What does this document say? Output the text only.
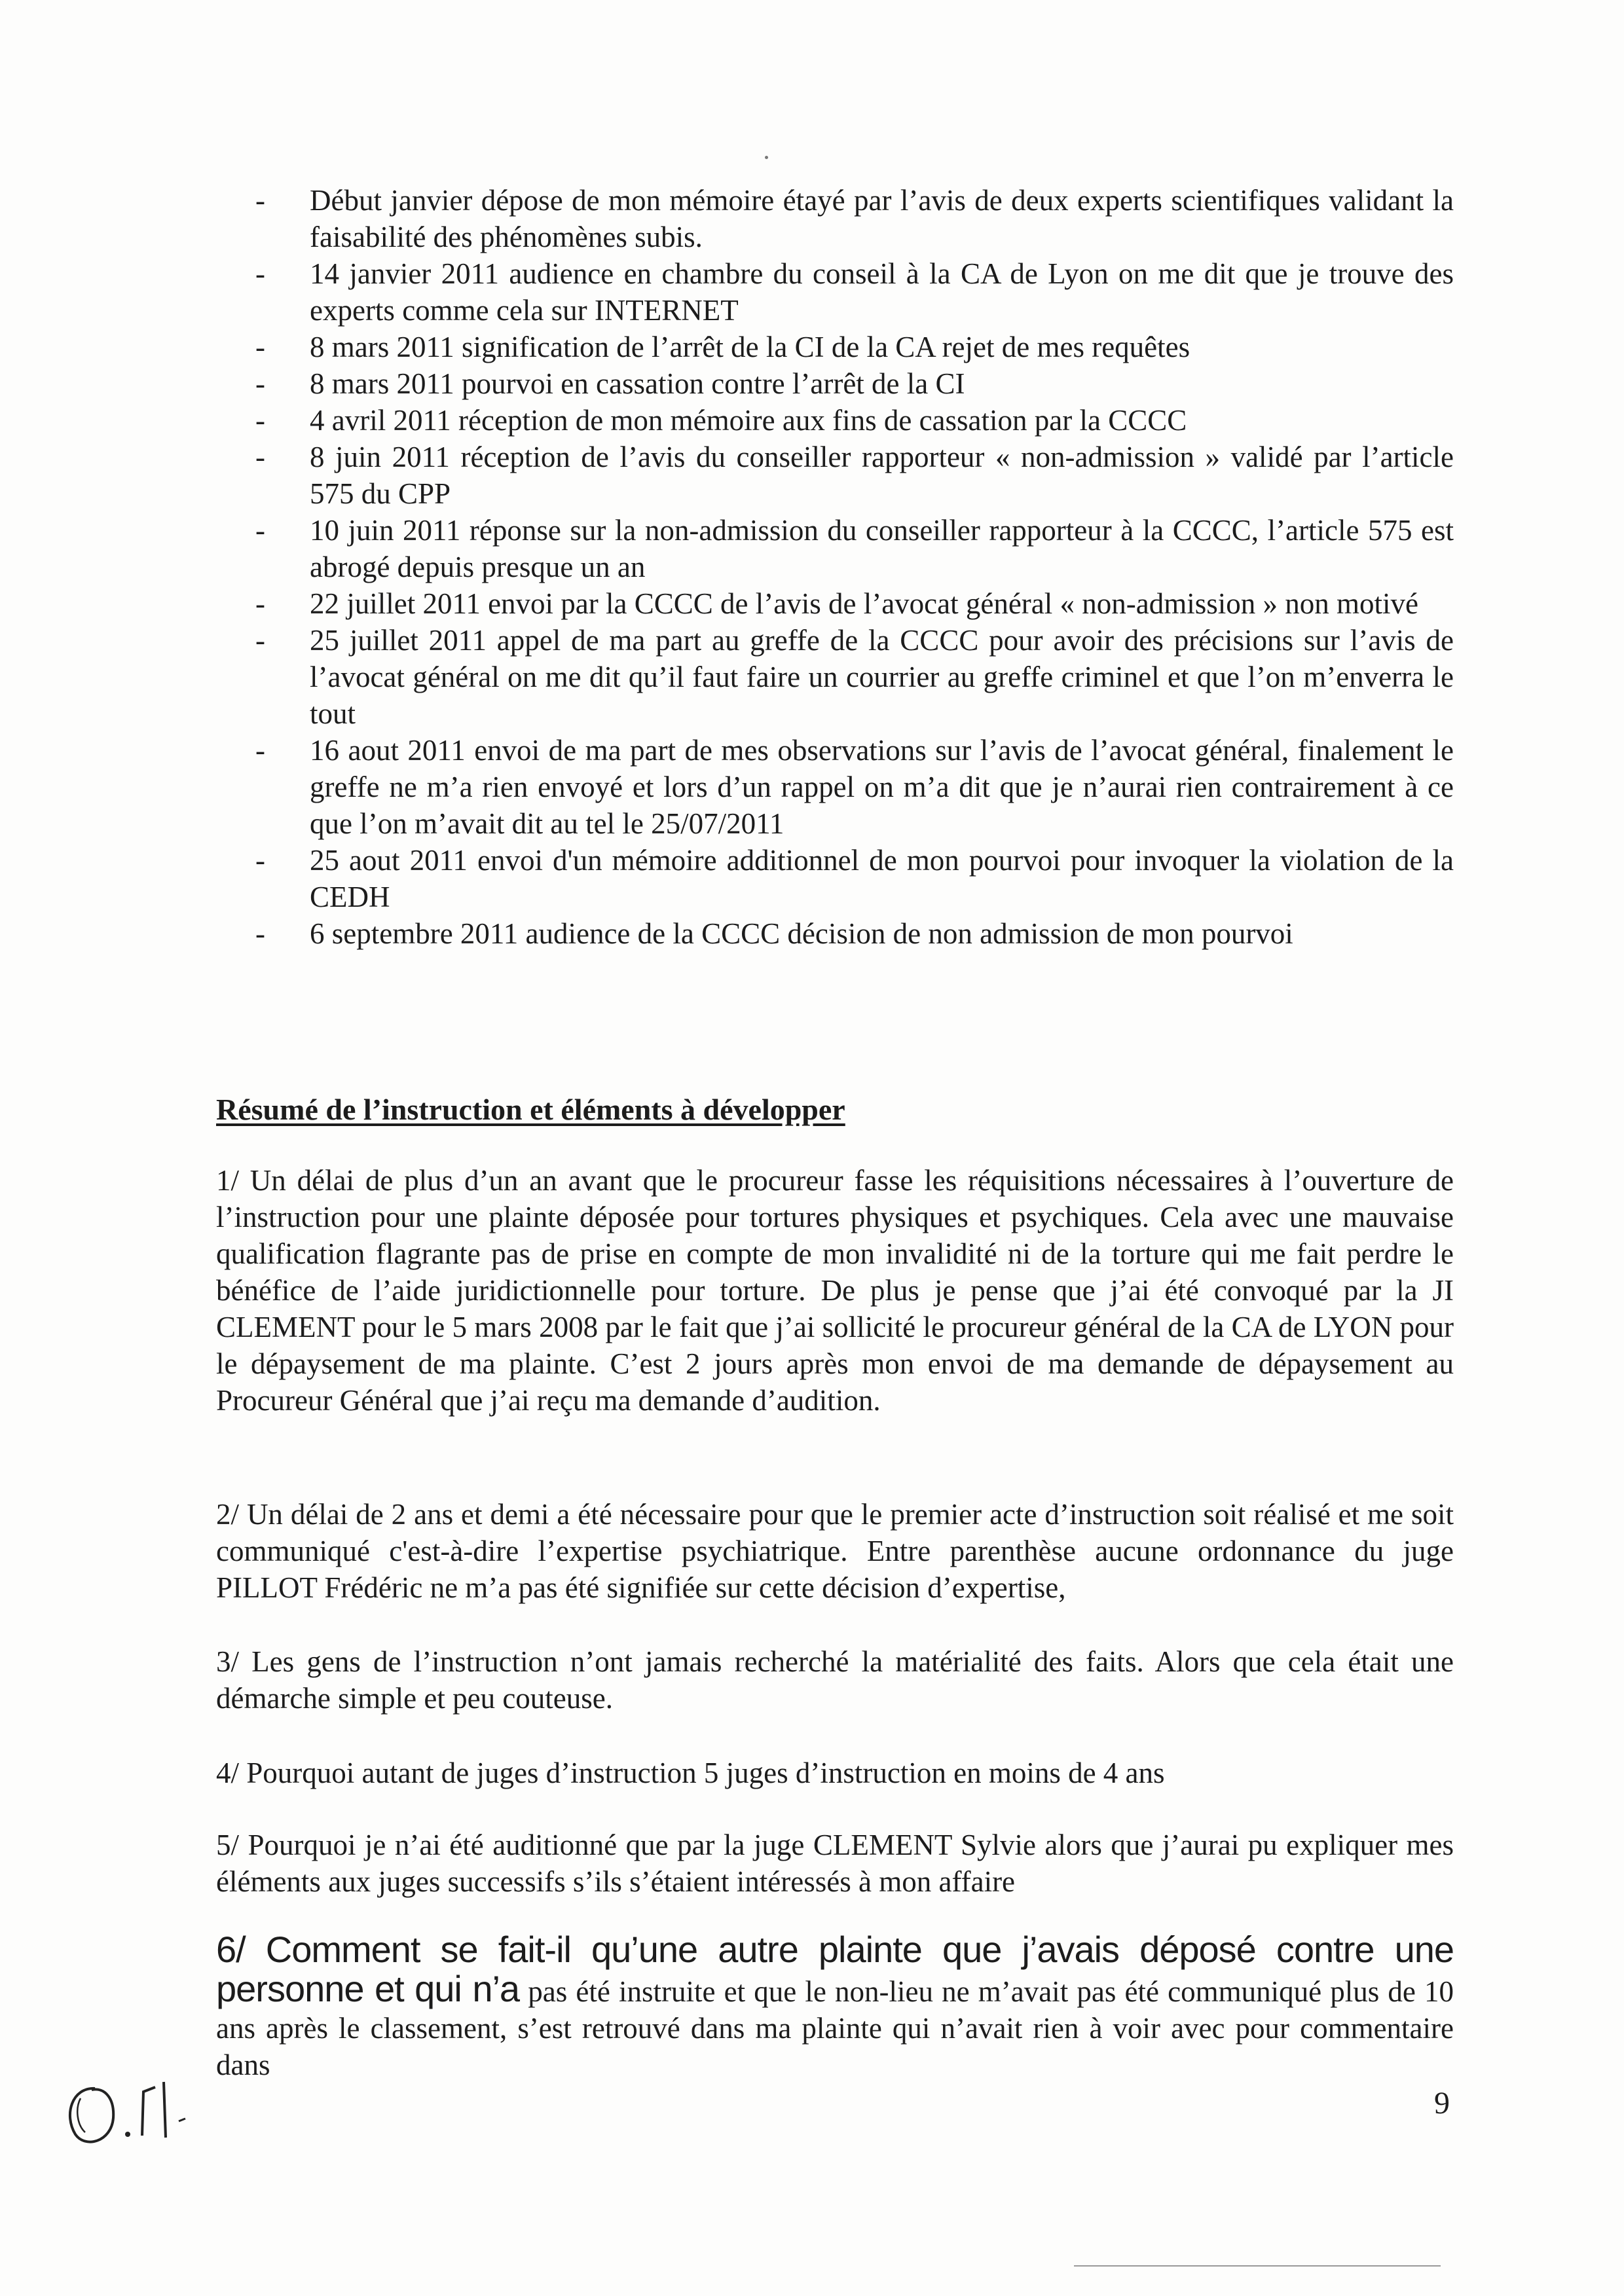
- Début janvier dépose de mon mémoire étayé par l’avis de deux experts scientifiques validant la faisabilité des phénomènes subis.
- 14 janvier 2011 audience en chambre du conseil à la CA de Lyon on me dit que je trouve des experts comme cela sur INTERNET
- 8 mars 2011 signification de l’arrêt de la CI de la CA rejet de mes requêtes
- 8 mars 2011 pourvoi en cassation contre l’arrêt de la CI
- 4 avril 2011 réception de mon mémoire aux fins de cassation par la CCCC
- 8 juin 2011 réception de l’avis du conseiller rapporteur « non-admission » validé par l’article 575 du CPP
- 10 juin 2011 réponse sur la non-admission du conseiller rapporteur à la CCCC, l’article 575 est abrogé depuis presque un an
- 22 juillet 2011 envoi par la CCCC de l’avis de l’avocat général « non-admission » non motivé
- 25 juillet 2011 appel de ma part au greffe de la CCCC pour avoir des précisions sur l’avis de l’avocat général on me dit qu’il faut faire un courrier au greffe criminel et que l’on m’enverra le tout
- 16 aout 2011 envoi de ma part de mes observations sur l’avis de l’avocat général, finalement le greffe ne m’a rien envoyé et lors d’un rappel on m’a dit que je n’aurai rien contrairement à ce que l’on m’avait dit au tel le 25/07/2011
- 25 aout 2011 envoi d'un mémoire additionnel de mon pourvoi pour invoquer la violation de la CEDH
- 6 septembre 2011 audience de la CCCC décision de non admission de mon pourvoi
Résumé de l’instruction et éléments à développer

1/ Un délai de plus d’un an avant que le procureur fasse les réquisitions nécessaires à l’ouverture de l’instruction pour une plainte déposée pour tortures physiques et psychiques. Cela avec une mauvaise qualification flagrante pas de prise en compte de mon invalidité ni de la torture qui me fait perdre le bénéfice de l’aide juridictionnelle pour torture. De plus je pense que j’ai été convoqué par la JI CLEMENT pour le 5 mars 2008 par le fait que j’ai sollicité le procureur général de la CA de LYON pour le dépaysement de ma plainte. C’est 2 jours après mon envoi de ma demande de dépaysement au Procureur Général que j’ai reçu ma demande d’audition.

2/ Un délai de 2 ans et demi a été nécessaire pour que le premier acte d’instruction soit réalisé et me soit communiqué c'est-à-dire l’expertise psychiatrique. Entre parenthèse aucune ordonnance du juge PILLOT Frédéric ne m’a pas été signifiée sur cette décision d’expertise,

3/ Les gens de l’instruction n’ont jamais recherché la matérialité des faits. Alors que cela était une démarche simple et peu couteuse.

4/ Pourquoi autant de juges d’instruction 5 juges d’instruction en moins de 4 ans

5/ Pourquoi je n’ai été auditionné que par la juge CLEMENT Sylvie alors que j’aurai pu expliquer mes éléments aux juges successifs s’ils s’étaient intéressés à mon affaire

6/ Comment se fait-il qu’une autre plainte que j’avais déposé contre une personne et qui n’a pas été instruite et que le non-lieu ne m’avait pas été communiqué plus de 10 ans après le classement, s’est retrouvé dans ma plainte qui n’avait rien à voir avec pour commentaire dans

9
